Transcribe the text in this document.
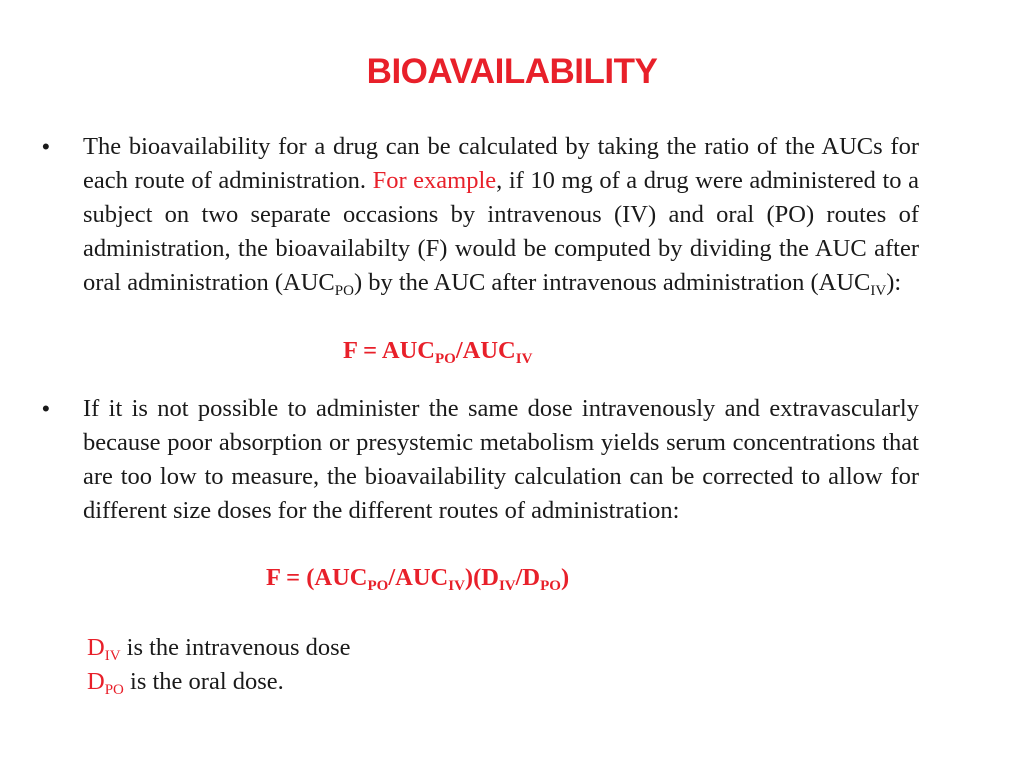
BIOAVAILABILITY
• The bioavailability for a drug can be calculated by taking the ratio of the AUCs for each route of administration. For example, if 10 mg of a drug were administered to a subject on two separate occasions by intravenous (IV) and oral (PO) routes of administration, the bioavailabilty (F) would be computed by dividing the AUC after oral administration $(AUC_{PO})$ by the AUC after intravenous administration $(AUC_{IV})$:
$F = AUC_{PO}/AUC_{IV}$
• If it is not possible to administer the same dose intravenously and extravascularly because poor absorption or presystemic metabolism yields serum concentrations that are too low to measure, the bioavailability calculation can be corrected to allow for different size doses for the different routes of administration:
$F = (AUC_{PO}/AUC_{IV})(D_{IV}/D_{PO})$
$D_{IV}$ is the intravenous dose
$D_{PO}$ is the oral dose.
